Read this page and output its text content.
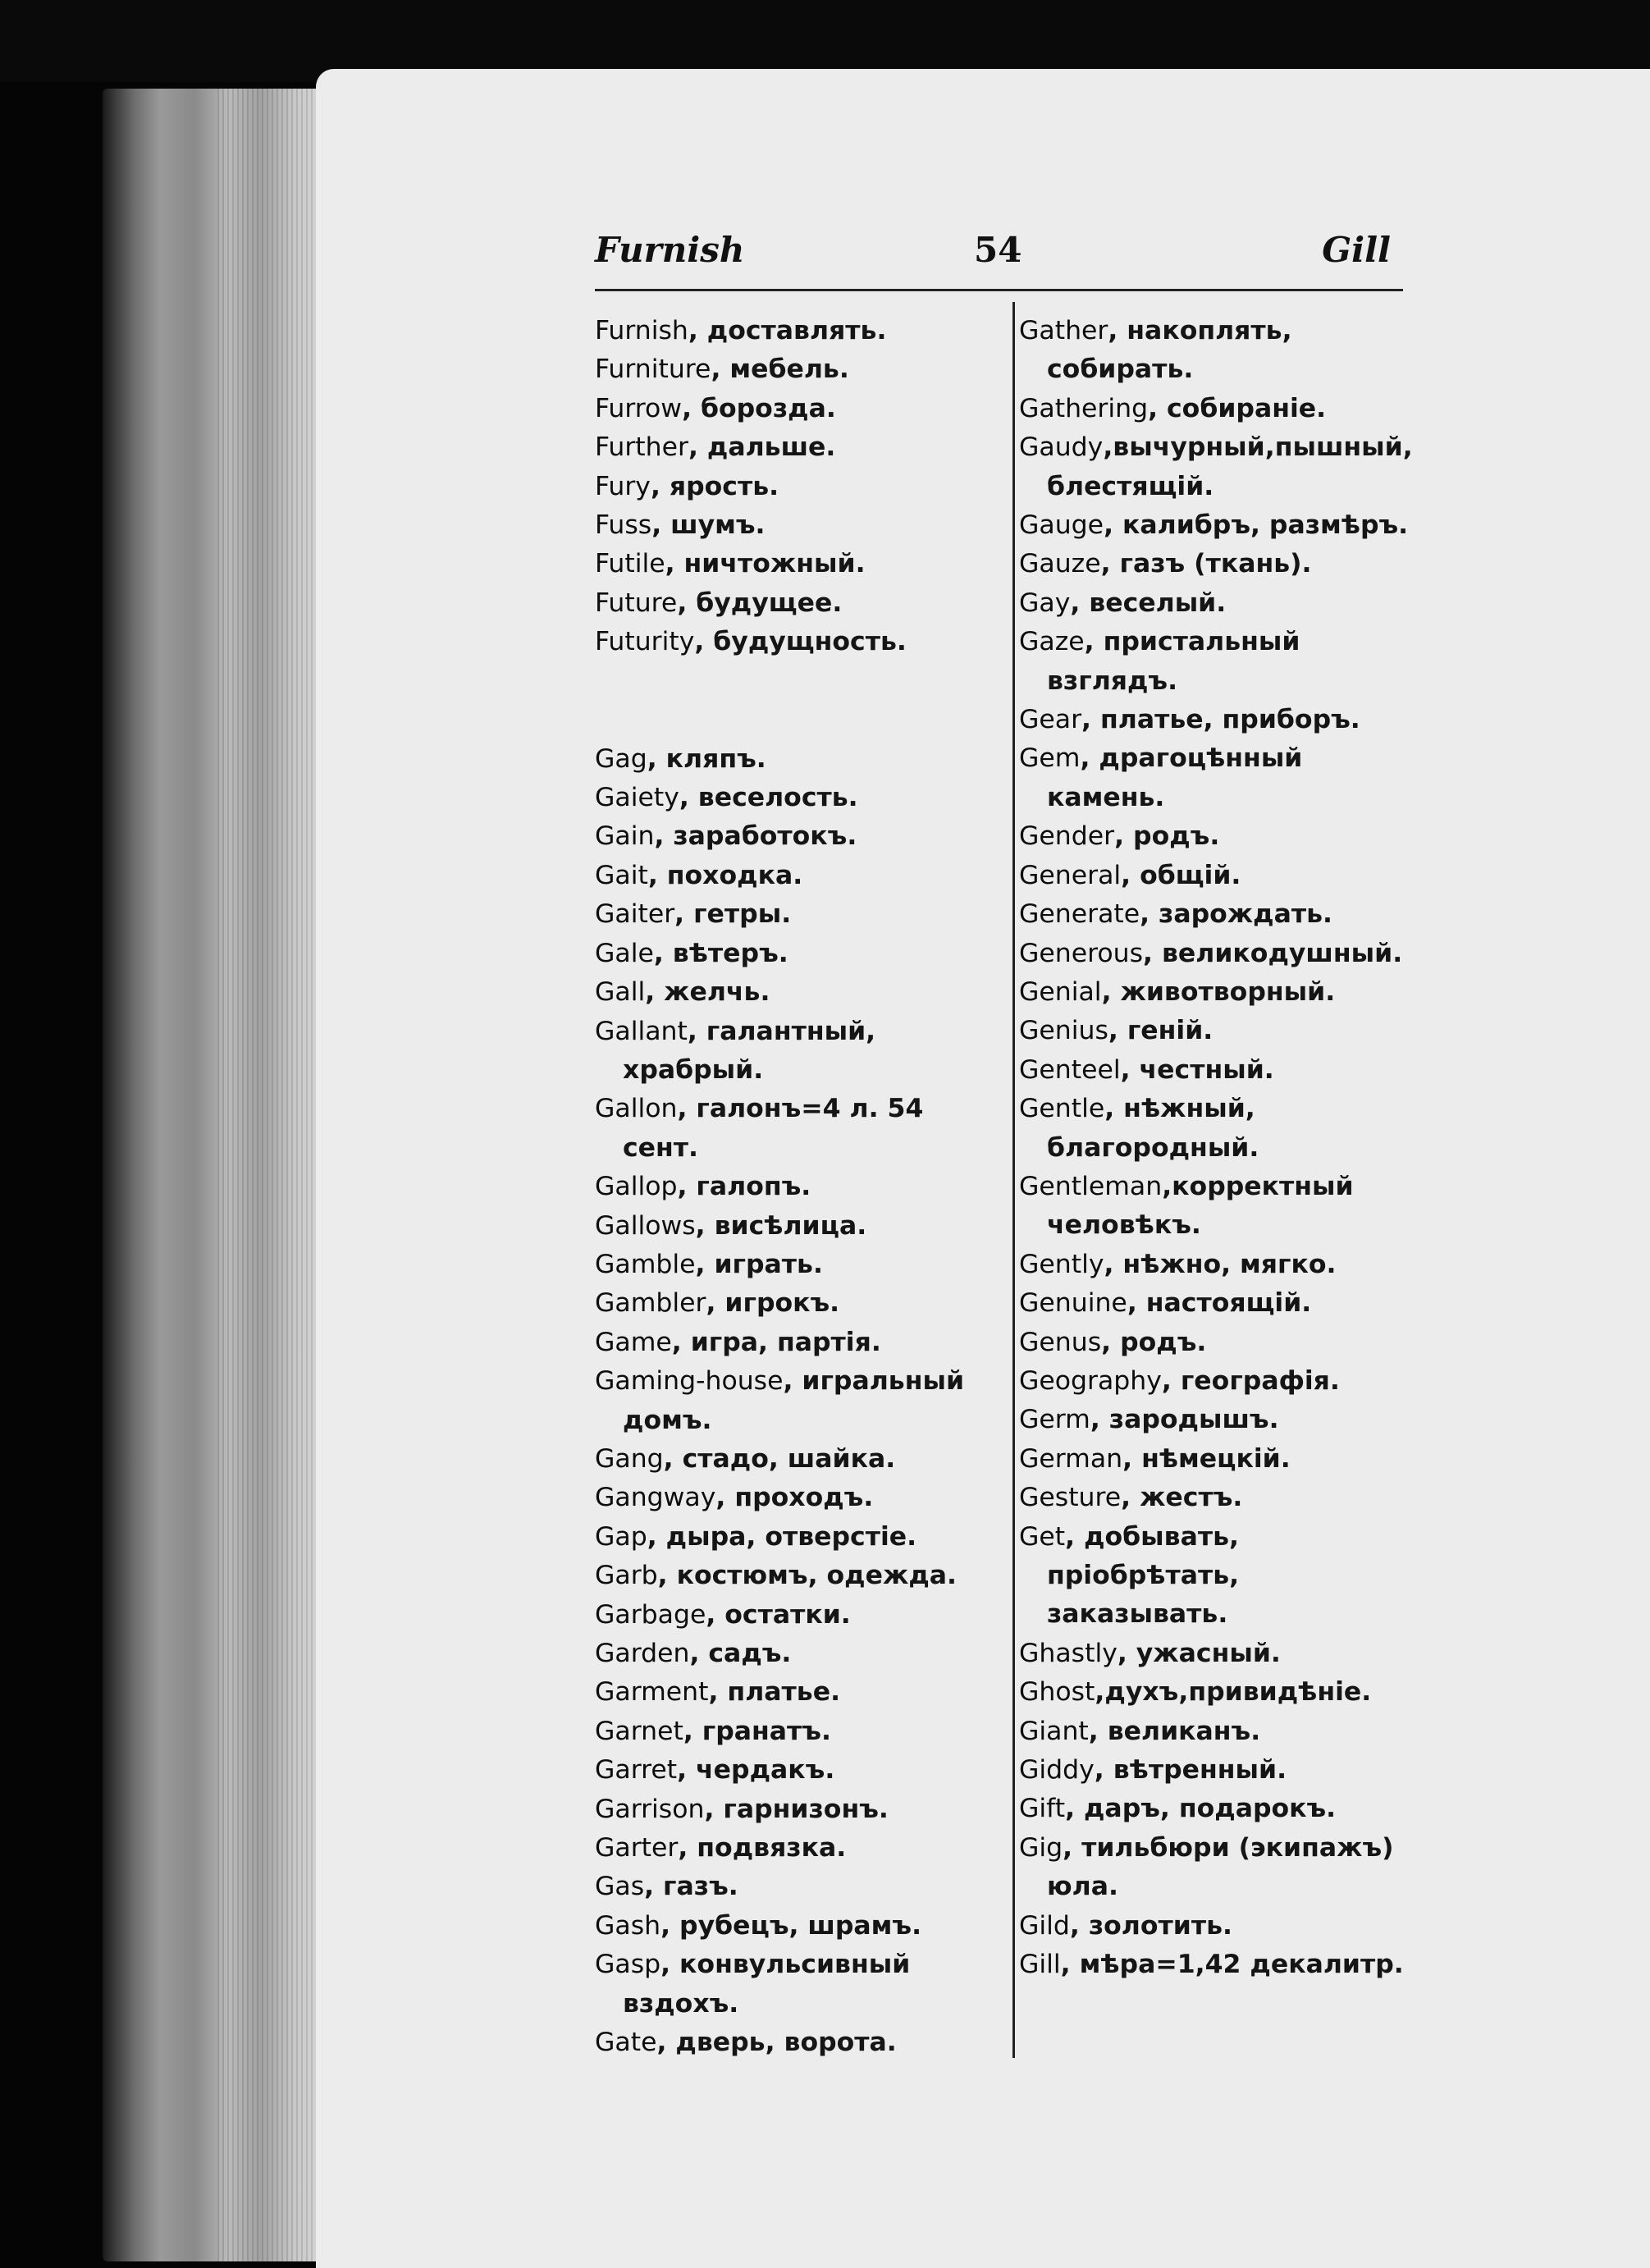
Furnish	54	Gill
Furnish, доставлять.
Furniture, мебель.
Furrow, борозда.
Further, дальше.
Fury, ярость.
Fuss, шумъ.
Futile, ничтожный.
Future, будущее.
Futurity, будущность.
Gag, кляпъ.
Gaiety, веселость.
Gain, заработокъ.
Gait, походка.
Gaiter, гетры.
Gale, вѣтеръ.
Gall, желчь.
Gallant, галантный, храбрый.
Gallon, галонъ=4 л. 54 сент.
Gallop, галопъ.
Gallows, висѣлица.
Gamble, играть.
Gambler, игрокъ.
Game, игра, партія.
Gaming-house, игральный домъ.
Gang, стадо, шайка.
Gangway, проходъ.
Gap, дыра, отверстіе.
Garb, костюмъ, одежда.
Garbage, остатки.
Garden, садъ.
Garment, платье.
Garnet, гранатъ.
Garret, чердакъ.
Garrison, гарнизонъ.
Garter, подвязка.
Gas, газъ.
Gash, рубецъ, шрамъ.
Gasp, конвульсивный вздохъ.
Gate, дверь, ворота.
Gather, накоплять, собирать.
Gathering, собираніе.
Gaudy,вычурный,пышный, блестящій.
Gauge, калибръ, размѣръ.
Gauze, газъ (ткань).
Gay, веселый.
Gaze, пристальный взглядъ.
Gear, платье, приборъ.
Gem, драгоцѣнный камень.
Gender, родъ.
General, общій.
Generate, зарождать.
Generous, великодушный.
Genial, животворный.
Genius, геній.
Genteel, честный.
Gentle, нѣжный, благородный.
Gentleman,корректный человѣкъ.
Gently, нѣжно, мягко.
Genuine, настоящій.
Genus, родъ.
Geography, географія.
Germ, зародышъ.
German, нѣмецкій.
Gesture, жестъ.
Get, добывать, пріобрѣтать, заказывать.
Ghastly, ужасный.
Ghost,духъ,привидѣніе.
Giant, великанъ.
Giddy, вѣтренный.
Gift, даръ, подарокъ.
Gig, тильбюри (экипажъ) юла.
Gild, золотить.
Gill, мѣра=1,42 декалитр.
